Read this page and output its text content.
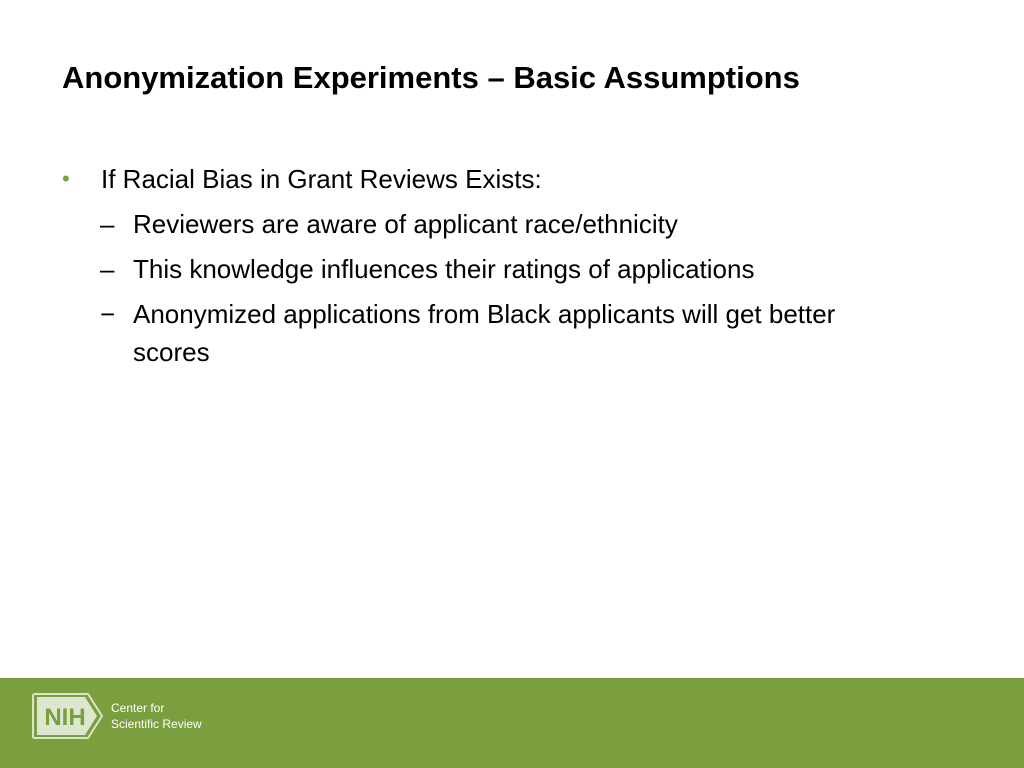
Anonymization Experiments – Basic Assumptions
• If Racial Bias in Grant Reviews Exists:
– Reviewers are aware of applicant race/ethnicity
– This knowledge influences their ratings of applications
− Anonymized applications from Black applicants will get better scores
NIH Center for
Scientific Review
